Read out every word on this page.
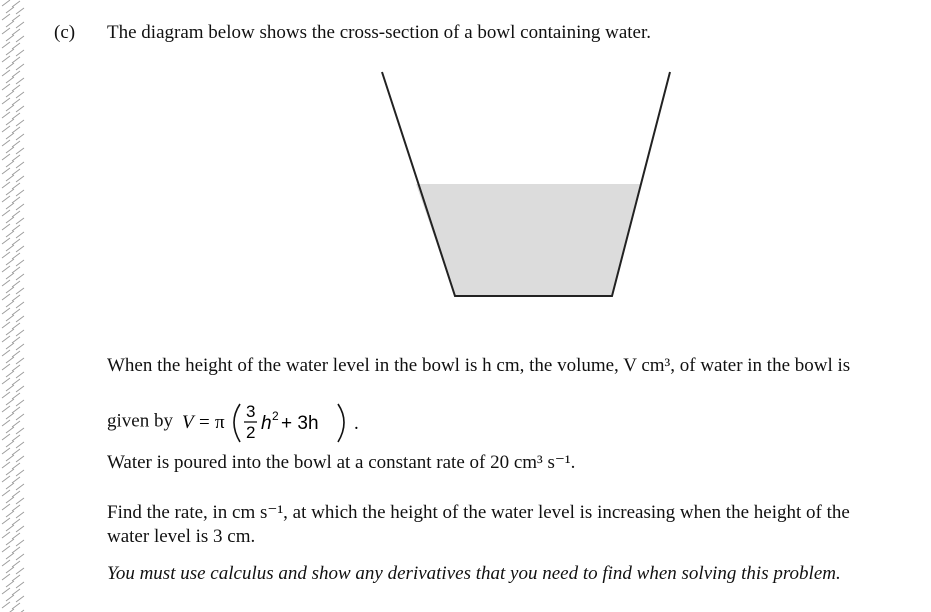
(c) The diagram below shows the cross-section of a bowl containing water.
When the height of the water level in the bowl is h cm, the volume, V cm³, of water in the bowl is
given by V = π
3
2 h 2 + 3h .
Water is poured into the bowl at a constant rate of 20 cm³ s⁻¹.
Find the rate, in cm s⁻¹, at which the height of the water level is increasing when the height of the
water level is 3 cm.
You must use calculus and show any derivatives that you need to find when solving this problem.
